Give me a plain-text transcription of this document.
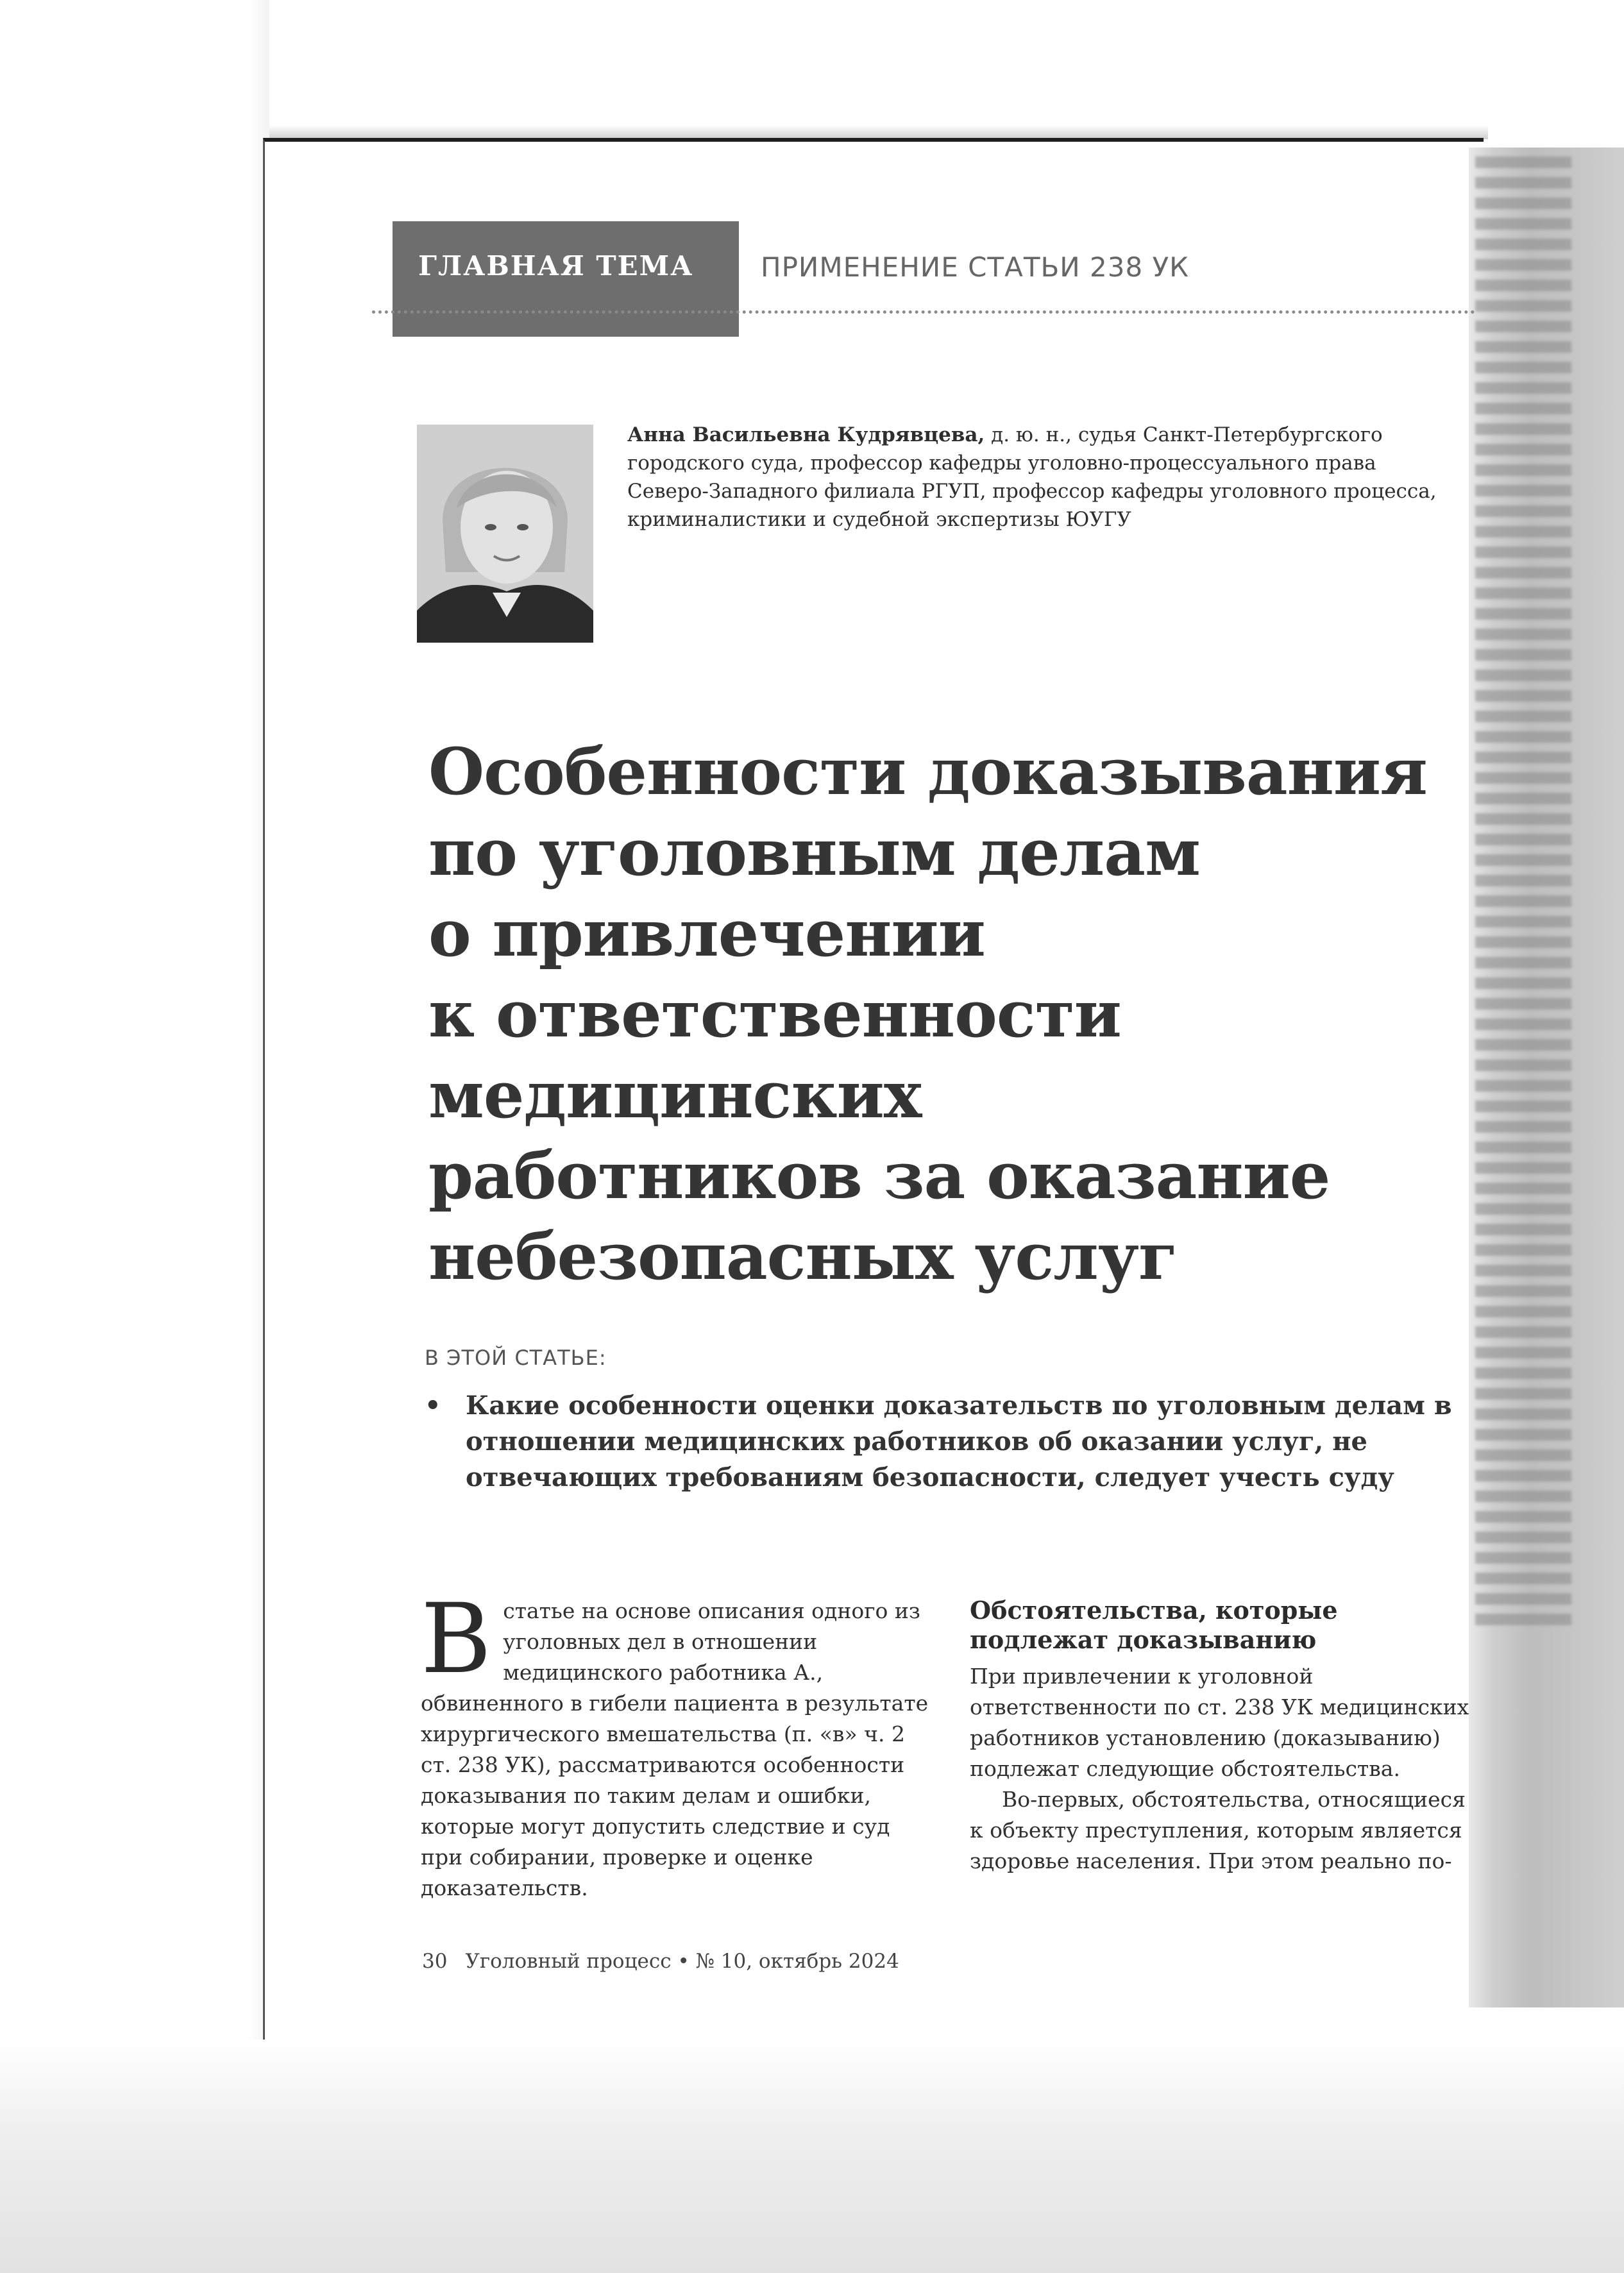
ГЛАВНАЯ ТЕМА ПРИМЕНЕНИЕ СТАТЬИ 238 УК
Анна Васильевна Кудрявцева, д. ю. н., судья Санкт-Петербургского городского суда, профессор кафедры уголовно-процессуального права Северо-Западного филиала РГУП, профессор кафедры уголовного процесса, криминалистики и судебной экспертизы ЮУГУ
Особенности доказывания
по уголовным делам
о привлечении
к ответственности
медицинских
работников за оказание
небезопасных услуг
В ЭТОЙ СТАТЬЕ:
• Какие особенности оценки доказательств по уголовным делам в отношении медицинских работников об оказании услуг, не отвечающих требованиям безопасности, следует учесть суду
В статье на основе описания одного из уголовных дел в отношении медицинского работника А., обвиненного в гибели пациента в результате хирургического вмешательства (п. «в» ч. 2 ст. 238 УК), рассматриваются особенности доказывания по таким делам и ошибки, которые могут допустить следствие и суд при собирании, проверке и оценке доказательств.
Обстоятельства, которые подлежат доказыванию

При привлечении к уголовной ответственности по ст. 238 УК медицинских работников установлению (доказыванию) подлежат следующие обстоятельства.

Во-первых, обстоятельства, относящиеся к объекту преступления, которым является здоровье населения. При этом реально по-

30 Уголовный процесс • № 10, октябрь 2024
